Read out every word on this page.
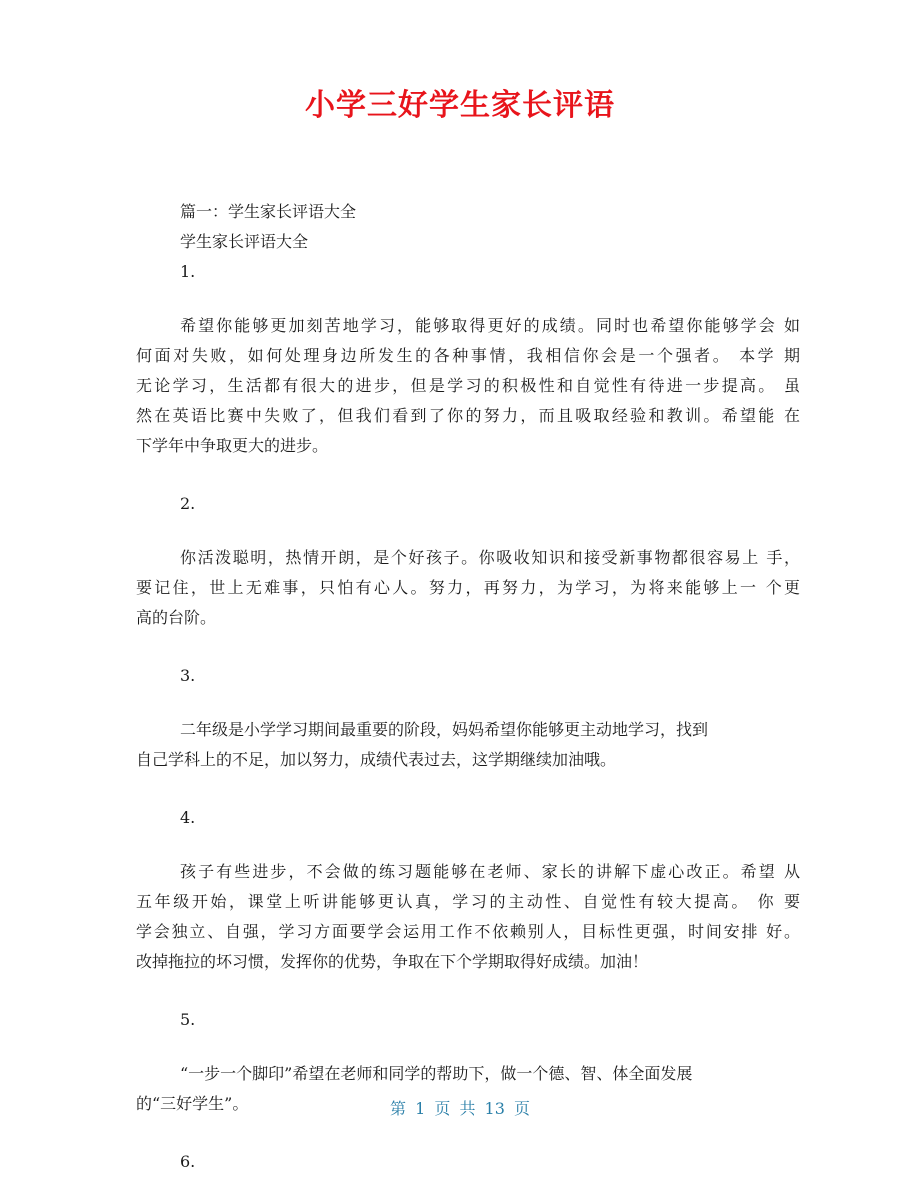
小学三好学生家长评语

篇一：学生家长评语大全

学生家长评语大全

1.

希望你能够更加刻苦地学习，能够取得更好的成绩。同时也希望你能够学会 如

何面对失败，如何处理身边所发生的各种事情，我相信你会是一个强者。 本学 期

无论学习，生活都有很大的进步，但是学习的积极性和自觉性有待进一步提高。 虽

然在英语比赛中失败了，但我们看到了你的努力，而且吸取经验和教训。希望能 在

下学年中争取更大的进步。

2.

你活泼聪明，热情开朗，是个好孩子。你吸收知识和接受新事物都很容易上 手，

要记住，世上无难事，只怕有心人。努力，再努力，为学习，为将来能够上一 个更

高的台阶。

3.

二年级是小学学习期间最重要的阶段，妈妈希望你能够更主动地学习，找到

自己学科上的不足，加以努力，成绩代表过去，这学期继续加油哦。

4.

孩子有些进步，不会做的练习题能够在老师、家长的讲解下虚心改正。希望 从

五年级开始，课堂上听讲能够更认真，学习的主动性、自觉性有较大提高。 你 要

学会独立、自强，学习方面要学会运用工作不依赖别人，目标性更强，时间安排 好。

改掉拖拉的坏习惯，发挥你的优势，争取在下个学期取得好成绩。加油！

5.

“一步一个脚印”希望在老师和同学的帮助下，做一个德、智、体全面发展

的“三好学生”。

6.

第 1 页 共 13 页
